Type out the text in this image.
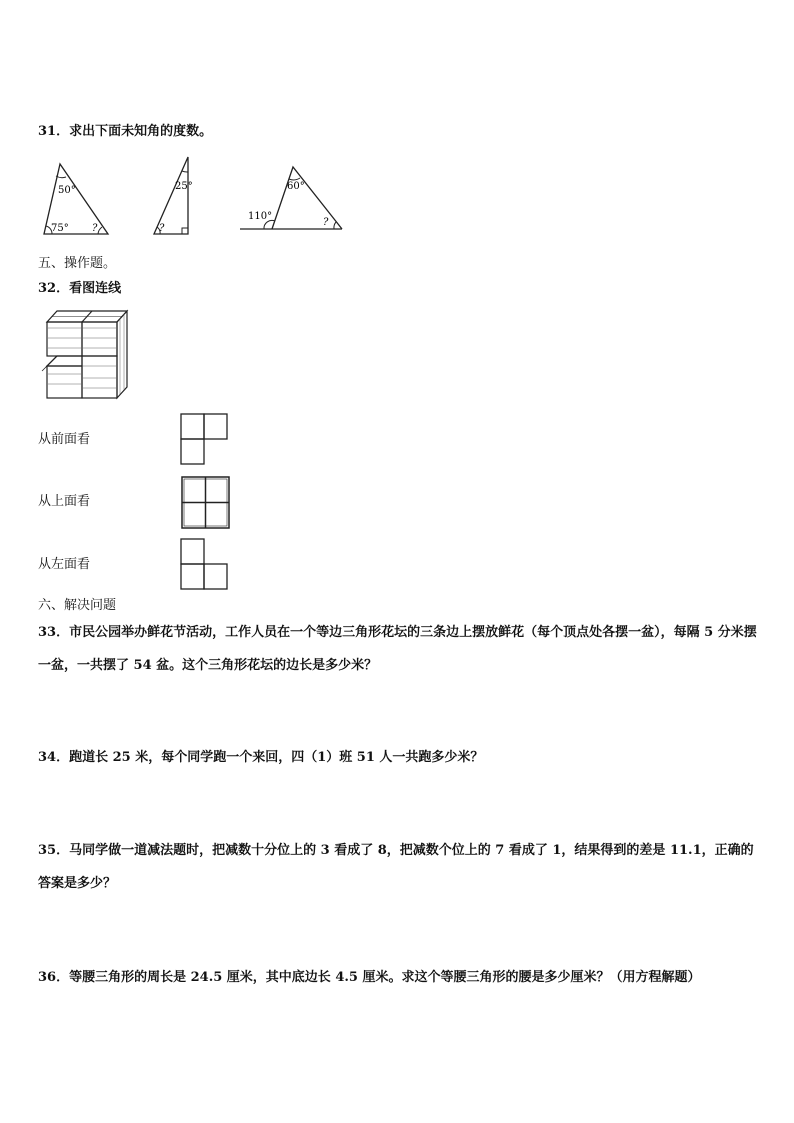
31．求出下面未知角的度数。
50°
75° ?
25°
?
60°
110°
?
五、操作题。
32．看图连线
从前面看
从上面看
从左面看
六、解决问题
33．市民公园举办鲜花节活动，工作人员在一个等边三角形花坛的三条边上摆放鲜花（每个顶点处各摆一盆），每隔 5 分米摆一盆，一共摆了 54 盆。这个三角形花坛的边长是多少米？
34．跑道长 25 米，每个同学跑一个来回，四（1）班 51 人一共跑多少米？
35．马同学做一道减法题时，把减数十分位上的 3 看成了 8，把减数个位上的 7 看成了 1，结果得到的差是 11.1，正确的答案是多少？
36．等腰三角形的周长是 24.5 厘米，其中底边长 4.5 厘米。求这个等腰三角形的腰是多少厘米？（用方程解题）
